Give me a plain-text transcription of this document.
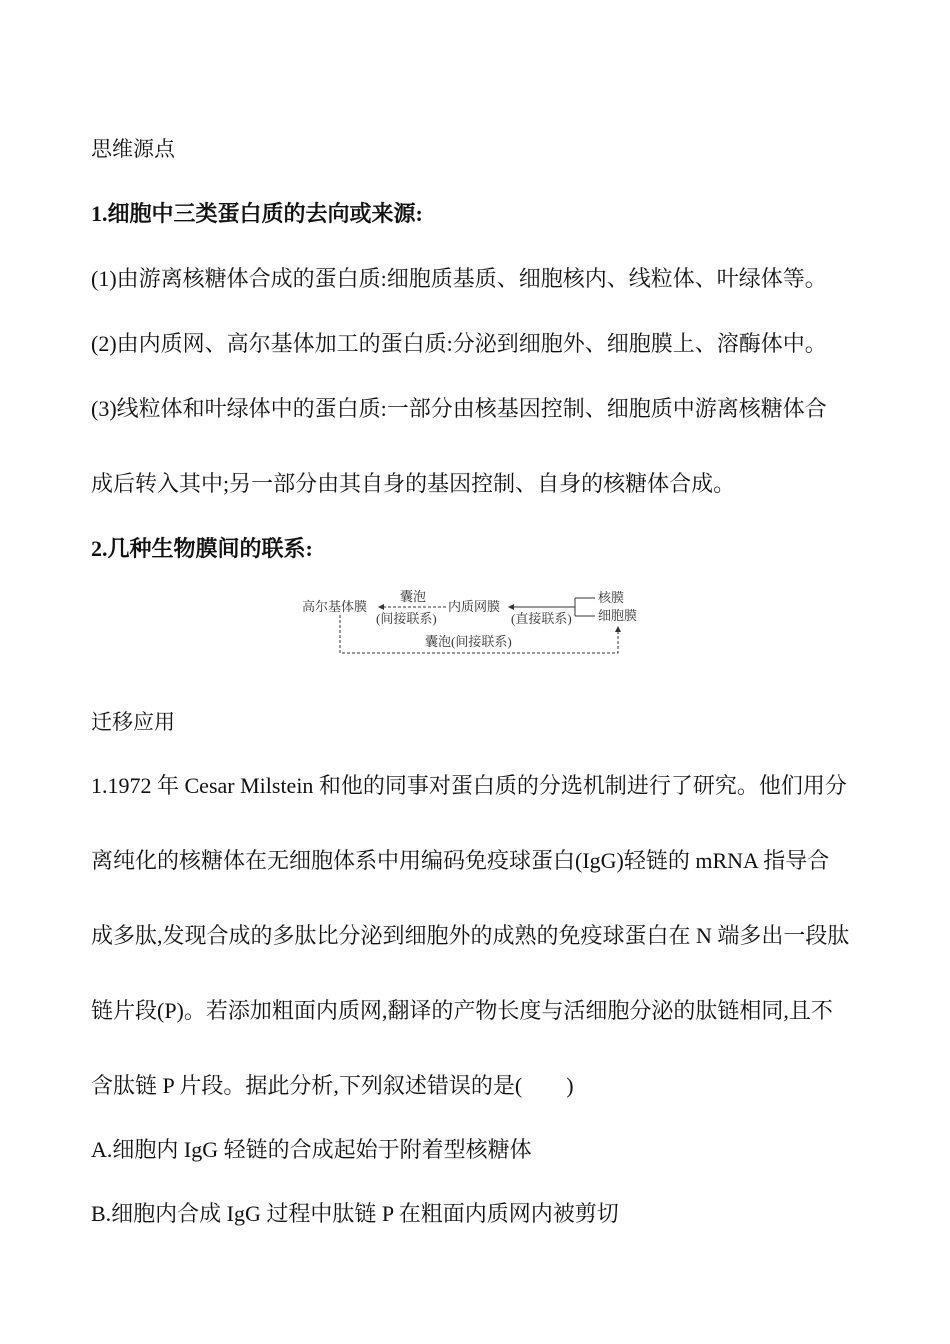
思维源点
1.细胞中三类蛋白质的去向或来源:
(1)由游离核糖体合成的蛋白质:细胞质基质、细胞核内、线粒体、叶绿体等。
(2)由内质网、高尔基体加工的蛋白质:分泌到细胞外、细胞膜上、溶酶体中。
(3)线粒体和叶绿体中的蛋白质:一部分由核基因控制、细胞质中游离核糖体合
成后转入其中;另一部分由其自身的基因控制、自身的核糖体合成。
2.几种生物膜间的联系:
高尔基体膜
囊泡
(间接联系)
内质网膜
(直接联系)
核膜
细胞膜
囊泡(间接联系)
迁移应用
1.1972 年 Cesar Milstein 和他的同事对蛋白质的分选机制进行了研究。他们用分
离纯化的核糖体在无细胞体系中用编码免疫球蛋白(IgG)轻链的 mRNA 指导合
成多肽,发现合成的多肽比分泌到细胞外的成熟的免疫球蛋白在 N 端多出一段肽
链片段(P)。若添加粗面内质网,翻译的产物长度与活细胞分泌的肽链相同,且不
含肽链 P 片段。据此分析,下列叙述错误的是(　　)
A.细胞内 IgG 轻链的合成起始于附着型核糖体
B.细胞内合成 IgG 过程中肽链 P 在粗面内质网内被剪切
